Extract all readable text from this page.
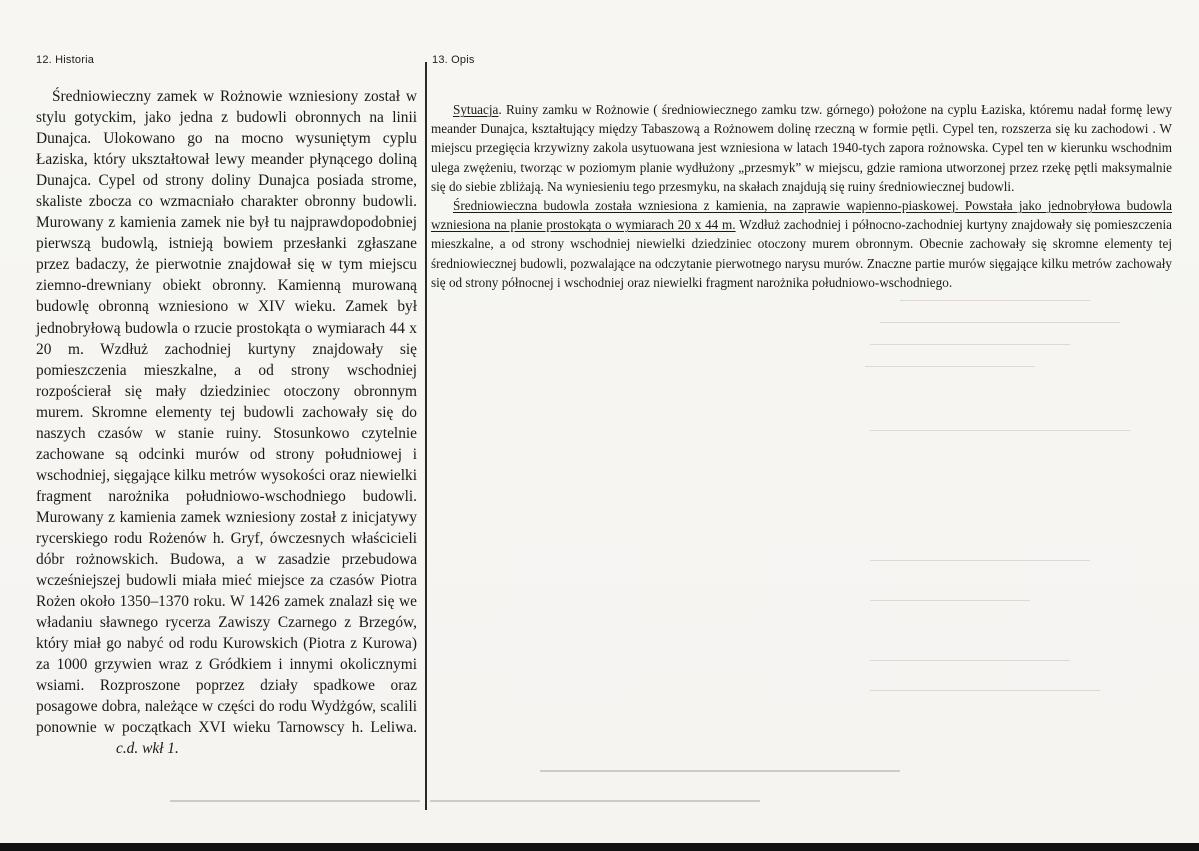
12. Historia	13. Opis

Średniowieczny zamek w Rożnowie wzniesiony został w stylu gotyckim, jako jedna z budowli obronnych na linii Dunajca. Ulokowano go na mocno wysuniętym cyplu Łaziska, który ukształtował lewy meander płynącego doliną Dunajca. Cypel od strony doliny Dunajca posiada strome, skaliste zbocza co wzmacniało charakter obronny budowli. Murowany z kamienia zamek nie był tu najprawdopodobniej pierwszą budowlą, istnieją bowiem przesłanki zgłaszane przez badaczy, że pierwotnie znajdował się w tym miejscu ziemno-drewniany obiekt obronny. Kamienną murowaną budowlę obronną wzniesiono w XIV wieku. Zamek był jednobryłową budowla o rzucie prostokąta o wymiarach 44 x 20 m. Wzdłuż zachodniej kurtyny znajdowały się pomieszczenia mieszkalne, a od strony wschodniej rozpościerał się mały dziedziniec otoczony obronnym murem. Skromne elementy tej budowli zachowały się do naszych czasów w stanie ruiny. Stosunkowo czytelnie zachowane są odcinki murów od strony południowej i wschodniej, sięgające kilku metrów wysokości oraz niewielki fragment narożnika południowo-wschodniego budowli. Murowany z kamienia zamek wzniesiony został z inicjatywy rycerskiego rodu Rożenów h. Gryf, ówczesnych właścicieli dóbr rożnowskich. Budowa, a w zasadzie przebudowa wcześniejszej budowli miała mieć miejsce za czasów Piotra Rożen około 1350–1370 roku. W 1426 zamek znalazł się we władaniu sławnego rycerza Zawiszy Czarnego z Brzegów, który miał go nabyć od rodu Kurowskich (Piotra z Kurowa) za 1000 grzywien wraz z Gródkiem i innymi okolicznymi wsiami. Rozproszone poprzez działy spadkowe oraz posagowe dobra, należące w części do rodu Wydżgów, scalili ponownie w początkach XVI wieku Tarnowscy h. Leliwa. c.d. wkł 1.

Sytuacja. Ruiny zamku w Rożnowie ( średniowiecznego zamku tzw. górnego) położone na cyplu Łaziska, któremu nadał formę lewy meander Dunajca, kształtujący między Tabaszową a Rożnowem dolinę rzeczną w formie pętli. Cypel ten, rozszerza się ku zachodowi . W miejscu przegięcia krzywizny zakola usytuowana jest wzniesiona w latach 1940-tych zapora rożnowska. Cypel ten w kierunku wschodnim ulega zwężeniu, tworząc w poziomym planie wydłużony „przesmyk” w miejscu, gdzie ramiona utworzonej przez rzekę pętli maksymalnie się do siebie zbliżają. Na wyniesieniu tego przesmyku, na skałach znajdują się ruiny średniowiecznej budowli.

Średniowieczna budowla została wzniesiona z kamienia, na zaprawie wapienno-piaskowej. Powstała jako jednobryłowa budowla wzniesiona na planie prostokąta o wymiarach 20 x 44 m. Wzdłuż zachodniej i północno-zachodniej kurtyny znajdowały się pomieszczenia mieszkalne, a od strony wschodniej niewielki dziedziniec otoczony murem obronnym. Obecnie zachowały się skromne elementy tej średniowiecznej budowli, pozwalające na odczytanie pierwotnego narysu murów. Znaczne partie murów sięgające kilku metrów zachowały się od strony północnej i wschodniej oraz niewielki fragment narożnika południowo-wschodniego.
